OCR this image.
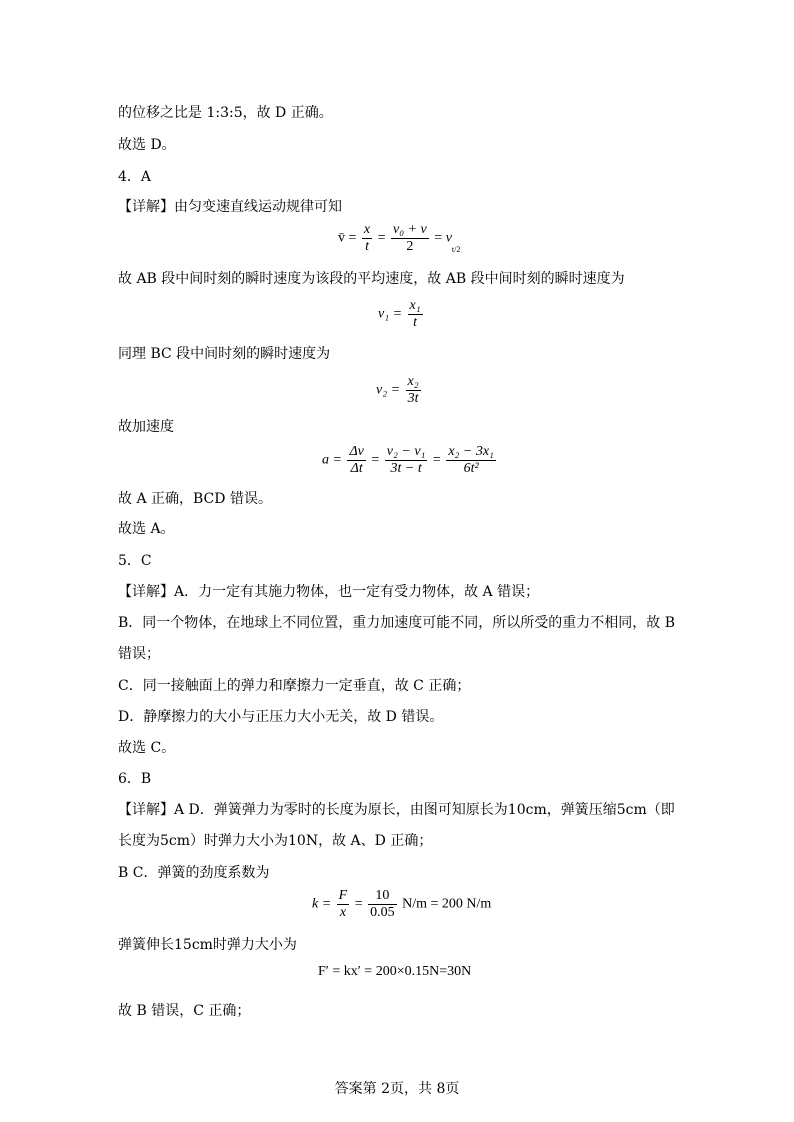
的位移之比是 1:3:5，故 D 正确。
故选 D。
4．A
【详解】由匀变速直线运动规律可知
v̄ = $\frac{x}{t} = \frac{\text{v₀ + v}}{2} = vt/2$
故 AB 段中间时刻的瞬时速度为该段的平均速度，故 AB 段中间时刻的瞬时速度为
$v_1 = \frac{\text{x₁}}{t}$
同理 BC 段中间时刻的瞬时速度为
$v_2 = \frac{\text{x₂}}{3t}$
故加速度
$a = \frac{\Delta v}{\Delta t} = \frac{\text{v₂ − v₁}}{3t - t} = \frac{\text{x₂ − 3x₁}}{\text{6t²}}$
故 A 正确，BCD 错误。
故选 A。
5．C
【详解】A．力一定有其施力物体，也一定有受力物体，故 A 错误；
B．同一个物体，在地球上不同位置，重力加速度可能不同，所以所受的重力不相同，故 B
错误；
C．同一接触面上的弹力和摩擦力一定垂直，故 C 正确；
D．静摩擦力的大小与正压力大小无关，故 D 错误。
故选 C。
6．B
【详解】A D．弹簧弹力为零时的长度为原长，由图可知原长为10cm，弹簧压缩5cm（即
长度为5cm）时弹力大小为10N，故 A、D 正确；
B C．弹簧的劲度系数为
$k = \frac{F}{x} = \frac{10}{0.05} N/m = 200$ N/m
弹簧伸长15cm时弹力大小为
F′ = kx′ = 200×0.15N=30N
故 B 错误，C 正确；
答案第 2页，共 8页
